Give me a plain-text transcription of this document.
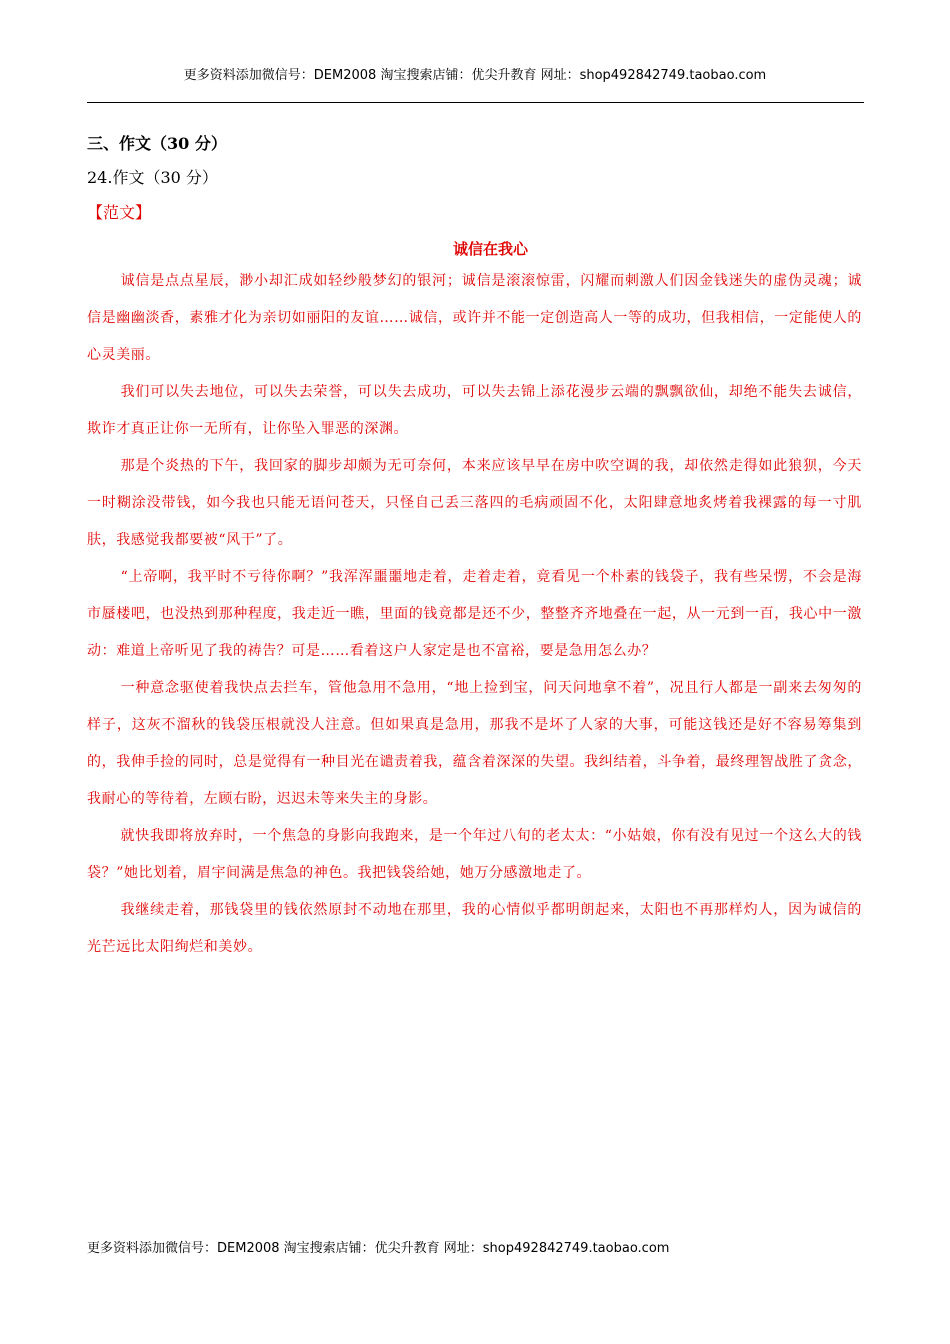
更多资料添加微信号：DEM2008 淘宝搜索店铺：优尖升教育 网址：shop492842749.taobao.com
三、作文（30 分）
24.作文（30 分）
【范文】
诚信在我心

诚信是点点星辰，渺小却汇成如轻纱般梦幻的银河；诚信是滚滚惊雷，闪耀而刺激人们因金钱迷失的虚伪灵魂；诚信是幽幽淡香，素雅才化为亲切如丽阳的友谊……诚信，或许并不能一定创造高人一等的成功，但我相信，一定能使人的心灵美丽。

我们可以失去地位，可以失去荣誉，可以失去成功，可以失去锦上添花漫步云端的飘飘欲仙，却绝不能失去诚信，欺诈才真正让你一无所有，让你坠入罪恶的深渊。

那是个炎热的下午，我回家的脚步却颇为无可奈何，本来应该早早在房中吹空调的我，却依然走得如此狼狈，今天一时糊涂没带钱，如今我也只能无语问苍天，只怪自己丢三落四的毛病顽固不化，太阳肆意地炙烤着我裸露的每一寸肌肤，我感觉我都要被“风干”了。

“上帝啊，我平时不亏待你啊？”我浑浑噩噩地走着，走着走着，竟看见一个朴素的钱袋子，我有些呆愣，不会是海市蜃楼吧，也没热到那种程度，我走近一瞧，里面的钱竟都是还不少，整整齐齐地叠在一起，从一元到一百，我心中一激动：难道上帝听见了我的祷告？可是……看着这户人家定是也不富裕，要是急用怎么办？

一种意念驱使着我快点去拦车，管他急用不急用，“地上捡到宝，问天问地拿不着”，况且行人都是一副来去匆匆的样子，这灰不溜秋的钱袋压根就没人注意。但如果真是急用，那我不是坏了人家的大事，可能这钱还是好不容易筹集到的，我伸手捡的同时，总是觉得有一种目光在谴责着我，蕴含着深深的失望。我纠结着，斗争着，最终理智战胜了贪念，我耐心的等待着，左顾右盼，迟迟未等来失主的身影。

就快我即将放弃时，一个焦急的身影向我跑来，是一个年过八旬的老太太：“小姑娘，你有没有见过一个这么大的钱袋？”她比划着，眉宇间满是焦急的神色。我把钱袋给她，她万分感激地走了。

我继续走着，那钱袋里的钱依然原封不动地在那里，我的心情似乎都明朗起来，太阳也不再那样灼人，因为诚信的光芒远比太阳绚烂和美妙。

更多资料添加微信号：DEM2008 淘宝搜索店铺：优尖升教育 网址：shop492842749.taobao.com
